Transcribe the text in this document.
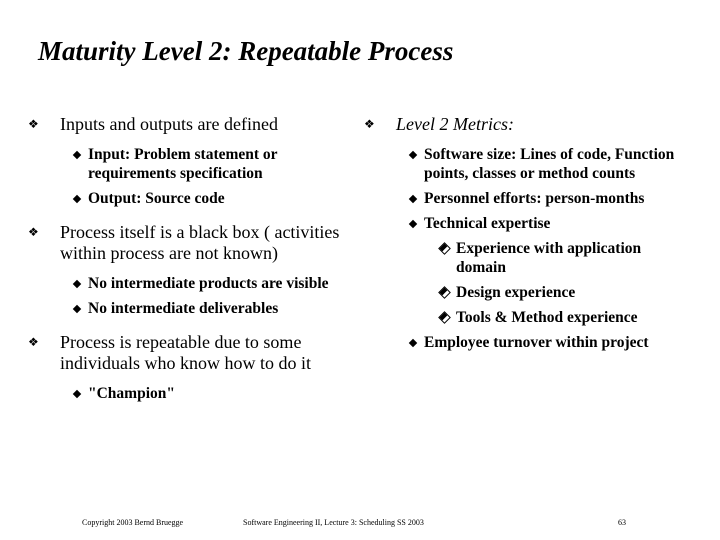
Maturity Level 2: Repeatable Process
❖ Inputs and outputs are defined
Input: Problem statement or requirements specification
Output: Source code
❖ Process itself is a black box ( activities within process are not known)
No intermediate products are visible
No intermediate deliverables
❖ Process is repeatable due to some individuals who know how to do it
"Champion"
❖ Level 2 Metrics:
Software size: Lines of code, Function points, classes or method counts
Personnel efforts: person-months
Technical expertise
Experience with application domain
Design experience
Tools & Method experience
Employee turnover within project
Copyright 2003 Bernd Bruegge	Software Engineering II, Lecture 3: Scheduling SS 2003	63
